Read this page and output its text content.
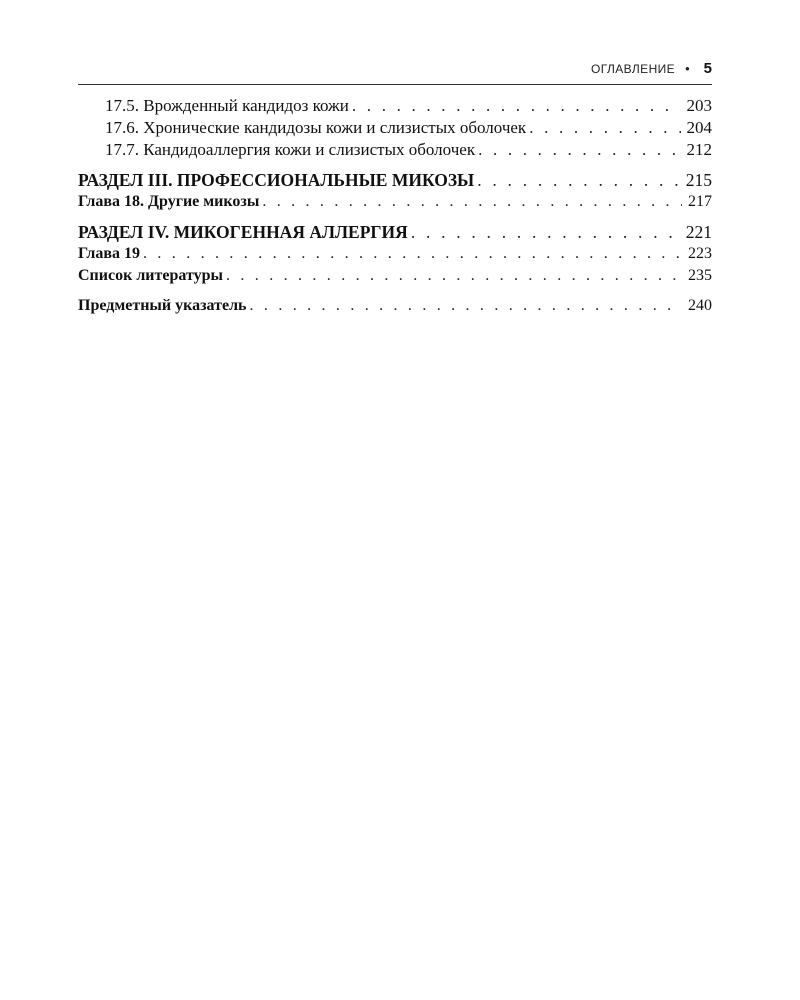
ОГЛАВЛЕНИЕ • 5
17.5. Врожденный кандидоз кожи . . .	203
17.6. Хронические кандидозы кожи и слизистых оболочек . . .	204
17.7. Кандидоаллергия кожи и слизистых оболочек . . .	212
РАЗДЕЛ III. ПРОФЕССИОНАЛЬНЫЕ МИКОЗЫ . . .	215
Глава 18. Другие микозы . . .	217
РАЗДЕЛ IV. МИКОГЕННАЯ АЛЛЕРГИЯ . . .	221
Глава 19 . . .	223
Список литературы . . .	235
Предметный указатель . . .	240
